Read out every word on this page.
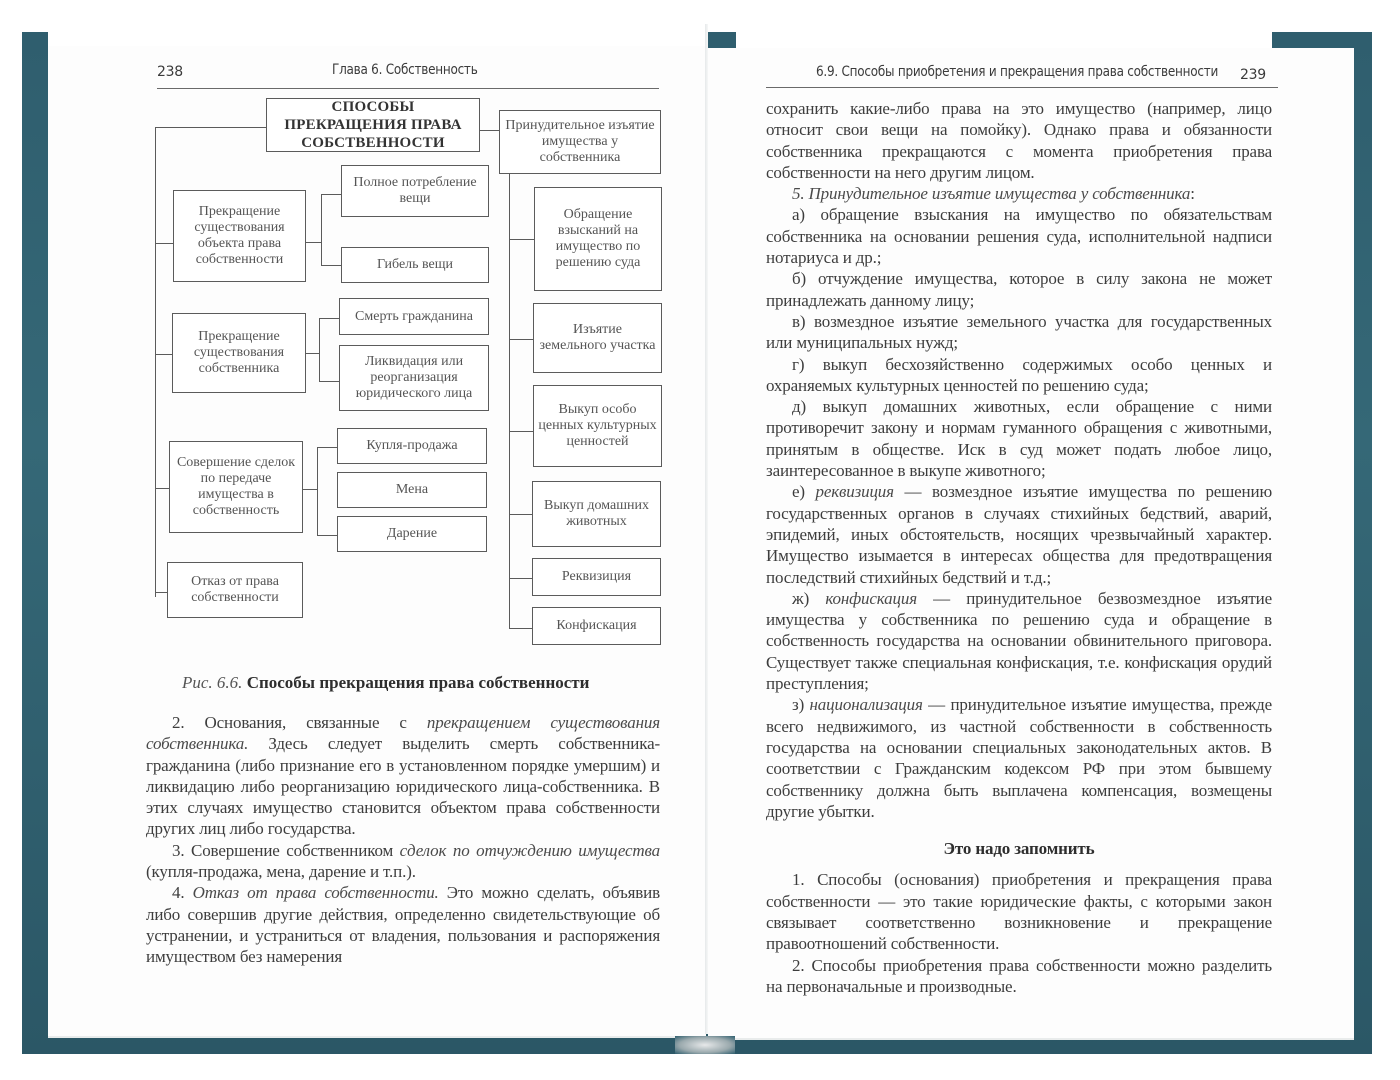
238	Глава 6. Собственность
СПОСОБЫ ПРЕКРАЩЕНИЯ ПРАВА СОБСТВЕННОСТИ
Принудительное изъятие имущества у собственника
Прекращение существования объекта права собственности
Полное потребление вещи
Гибель вещи
Прекращение существования собственника
Смерть гражданина
Ликвидация или реорганизация юридического лица
Совершение сделок по передаче имущества в собственность
Купля-продажа
Мена
Дарение
Отказ от права собственности
Обращение взысканий на имущество по решению суда
Изъятие земельного участка
Выкуп особо ценных культурных ценностей
Выкуп домашних животных
Реквизиция
Конфискация
Рис. 6.6. Способы прекращения права собственности

2. Основания, связанные с прекращением существования собственника. Здесь следует выделить смерть собственника-гражданина (либо признание его в установленном порядке умершим) и ликвидацию либо реорганизацию юридического лица-собственника. В этих случаях имущество становится объектом права собственности других лиц либо государства.

3. Совершение собственником сделок по отчуждению имущества (купля-продажа, мена, дарение и т.п.).

4. Отказ от права собственности. Это можно сделать, объявив либо совершив другие действия, определенно свидетельствующие об устранении, и устраниться от владения, пользования и распоряжения имуществом без намерения

6.9. Способы приобретения и прекращения права собственности 239

сохранить какие-либо права на это имущество (например, лицо относит свои вещи на помойку). Однако права и обязанности собственника прекращаются с момента приобретения права собственности на него другим лицом.

5. Принудительное изъятие имущества у собственника:

а) обращение взыскания на имущество по обязательствам собственника на основании решения суда, исполнительной надписи нотариуса и др.;

б) отчуждение имущества, которое в силу закона не может принадлежать данному лицу;

в) возмездное изъятие земельного участка для государственных или муниципальных нужд;

г) выкуп бесхозяйственно содержимых особо ценных и охраняемых культурных ценностей по решению суда;

д) выкуп домашних животных, если обращение с ними противоречит закону и нормам гуманного обращения с животными, принятым в обществе. Иск в суд может подать любое лицо, заинтересованное в выкупе животного;

е) реквизиция — возмездное изъятие имущества по решению государственных органов в случаях стихийных бедствий, аварий, эпидемий, иных обстоятельств, носящих чрезвычайный характер. Имущество изымается в интересах общества для предотвращения последствий стихийных бедствий и т.д.;

ж) конфискация — принудительное безвозмездное изъятие имущества у собственника по решению суда и обращение в собственность государства на основании обвинительного приговора. Существует также специальная конфискация, т.е. конфискация орудий преступления;

з) национализация — принудительное изъятие имущества, прежде всего недвижимого, из частной собственности в собственность государства на основании специальных законодательных актов. В соответствии с Гражданским кодексом РФ при этом бывшему собственнику должна быть выплачена компенсация, возмещены другие убытки.

Это надо запомнить

1. Способы (основания) приобретения и прекращения права собственности — это такие юридические факты, с которыми закон связывает соответственно возникновение и прекращение правоотношений собственности.

2. Способы приобретения права собственности можно разделить на первоначальные и производные.
